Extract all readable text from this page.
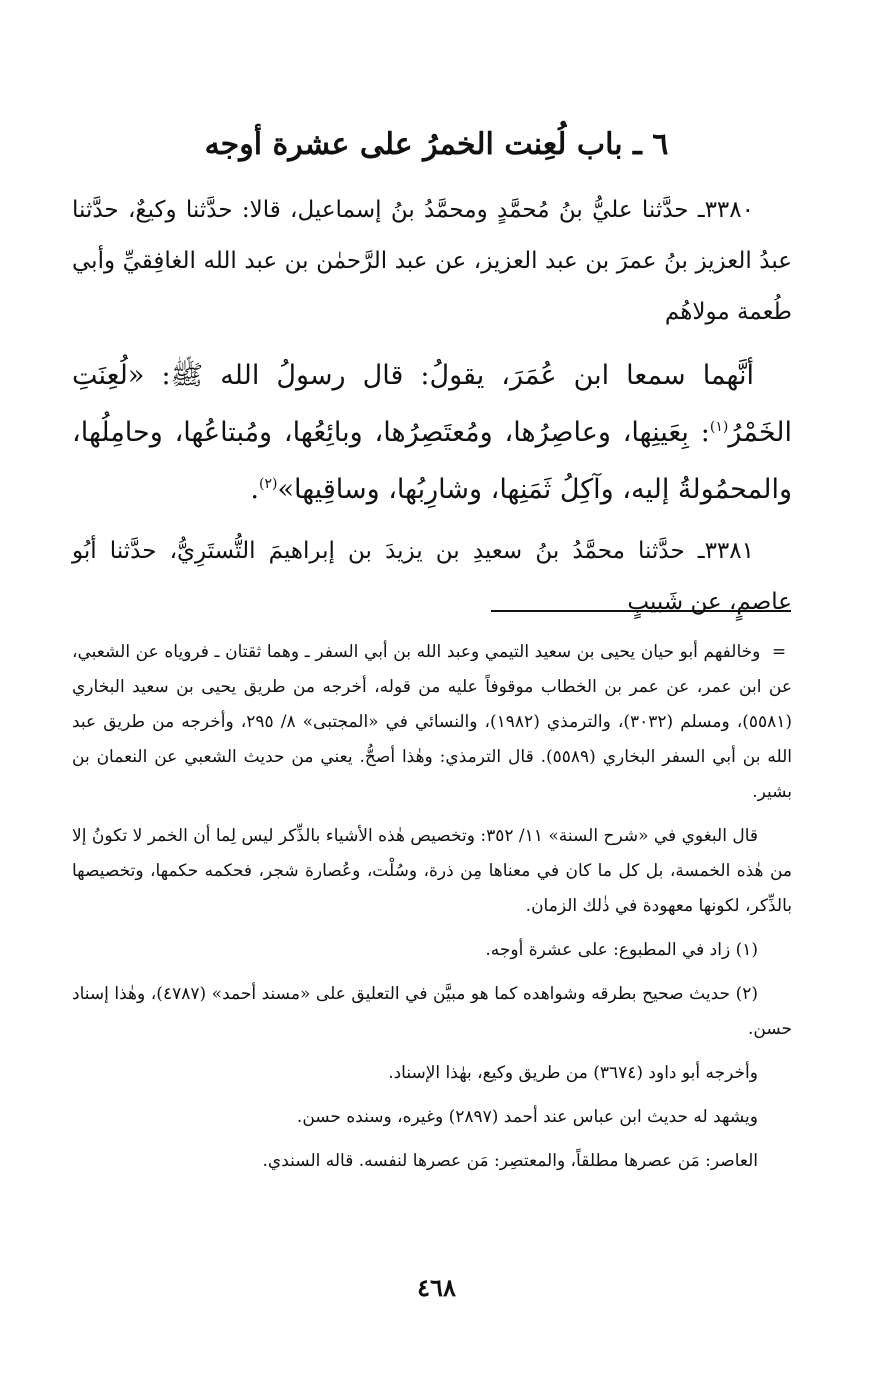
٦ ـ باب لُعِنت الخمرُ على عشرة أوجه

٣٣٨٠ـ حدَّثنا عليُّ بنُ مُحمَّدٍ ومحمَّدُ بنُ إسماعيل، قالا: حدَّثنا وكيعٌ، حدَّثنا عبدُ العزيز بنُ عمرَ بن عبد العزيز، عن عبد الرَّحمٰن بن عبد الله الغافِقيِّ وأبي طُعمة مولاهُم

أنَّهما سمعا ابن عُمَرَ، يقولُ: قال رسولُ الله ﷺ: «لُعِنَتِ الخَمْرُ$^{(١)}$: بِعَينِها، وعاصِرُها، ومُعتَصِرُها، وبائِعُها، ومُبتاعُها، وحامِلُها، والمحمُولةُ إليه، وآكِلُ ثَمَنِها، وشارِبُها، وساقِيها»$^{(٢)}$.

٣٣٨١ـ حدَّثنا محمَّدُ بنُ سعيدِ بن يزيدَ بن إبراهيمَ التُّستَرِيُّ، حدَّثنا أبُو عاصمٍ، عن شَبيبٍ

= وخالفهم أبو حيان يحيى بن سعيد التيمي وعبد الله بن أبي السفر ـ وهما ثقتان ـ فروياه عن الشعبي، عن ابن عمر، عن عمر بن الخطاب موقوفاً عليه من قوله، أخرجه من طريق يحيى بن سعيد البخاري (٥٥٨١)، ومسلم (٣٠٣٢)، والترمذي (١٩٨٢)، والنسائي في «المجتبى» ٨/ ٢٩٥، وأخرجه من طريق عبد الله بن أبي السفر البخاري (٥٥٨٩). قال الترمذي: وهٰذا أصحُّ. يعني من حديث الشعبي عن النعمان بن بشير.

قال البغوي في «شرح السنة» ١١/ ٣٥٢: وتخصيص هٰذه الأشياء بالذِّكر ليس لِما أن الخمر لا تكونُ إلا من هٰذه الخمسة، بل كل ما كان في معناها مِن ذرة، وسُلْت، وعُصارة شجر، فحكمه حكمها، وتخصيصها بالذِّكر، لكونها معهودة في ذٰلك الزمان.

(١) زاد في المطبوع: على عشرة أوجه.

(٢) حديث صحيح بطرقه وشواهده كما هو مبيَّن في التعليق على «مسند أحمد» (٤٧٨٧)، وهٰذا إسناد حسن.

وأخرجه أبو داود (٣٦٧٤) من طريق وكيع، بهٰذا الإسناد.

ويشهد له حديث ابن عباس عند أحمد (٢٨٩٧) وغيره، وسنده حسن.

العاصر: مَن عصرها مطلقاً، والمعتصِر: مَن عصرها لنفسه. قاله السندي.

٤٦٨
